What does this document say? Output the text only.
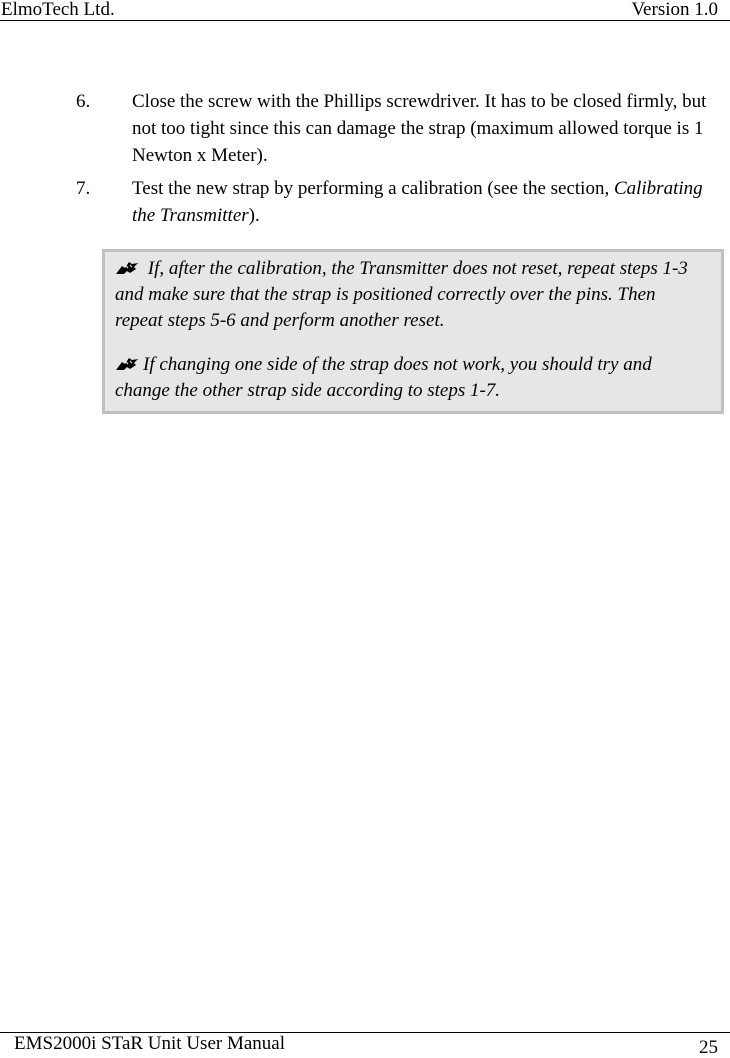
ElmoTech Ltd.	Version 1.0
6. Close the screw with the Phillips screwdriver. It has to be closed firmly, but not too tight since this can damage the strap (maximum allowed torque is 1 Newton x Meter).
7. Test the new strap by performing a calibration (see the section, Calibrating the Transmitter).

If, after the calibration, the Transmitter does not reset, repeat steps 1-3 and make sure that the strap is positioned correctly over the pins. Then repeat steps 5-6 and perform another reset.

If changing one side of the strap does not work, you should try and change the other strap side according to steps 1-7.

EMS2000i STaR Unit User Manual	25
